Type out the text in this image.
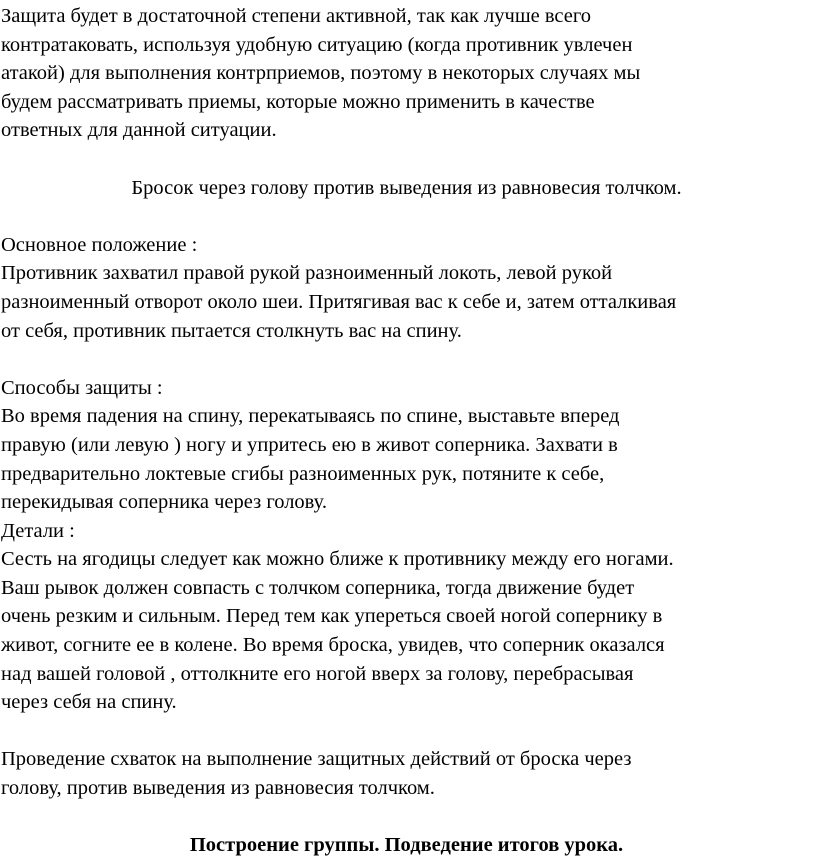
Защита будет в достаточной степени активной, так как лучше всего
контратаковать, используя удобную ситуацию (когда противник увлечен
атакой) для выполнения контрприемов, поэтому в некоторых случаях мы
будем рассматривать приемы, которые можно применить в качестве
ответных для данной ситуации.
Бросок через голову против выведения из равновесия толчком.
Основное положение :
Противник захватил правой рукой разноименный локоть, левой рукой
разноименный отворот около шеи. Притягивая вас к себе и, затем отталкивая
от себя, противник пытается столкнуть вас на спину.
Способы защиты :
Во время падения на спину, перекатываясь по спине, выставьте вперед
правую (или левую ) ногу и упритесь ею в живот соперника. Захвати в
предварительно локтевые сгибы разноименных рук, потяните к себе,
перекидывая соперника через голову.
Детали :
Сесть на ягодицы следует как можно ближе к противнику между его ногами.
Ваш рывок должен совпасть с толчком соперника, тогда движение будет
очень резким и сильным. Перед тем как упереться своей ногой сопернику в
живот, согните ее в колене. Во время броска, увидев, что соперник оказался
над вашей головой , оттолкните его ногой вверх за голову, перебрасывая
через себя на спину.
Проведение схваток на выполнение защитных действий от броска через
голову, против выведения из равновесия толчком.
Построение группы. Подведение итогов урока.
